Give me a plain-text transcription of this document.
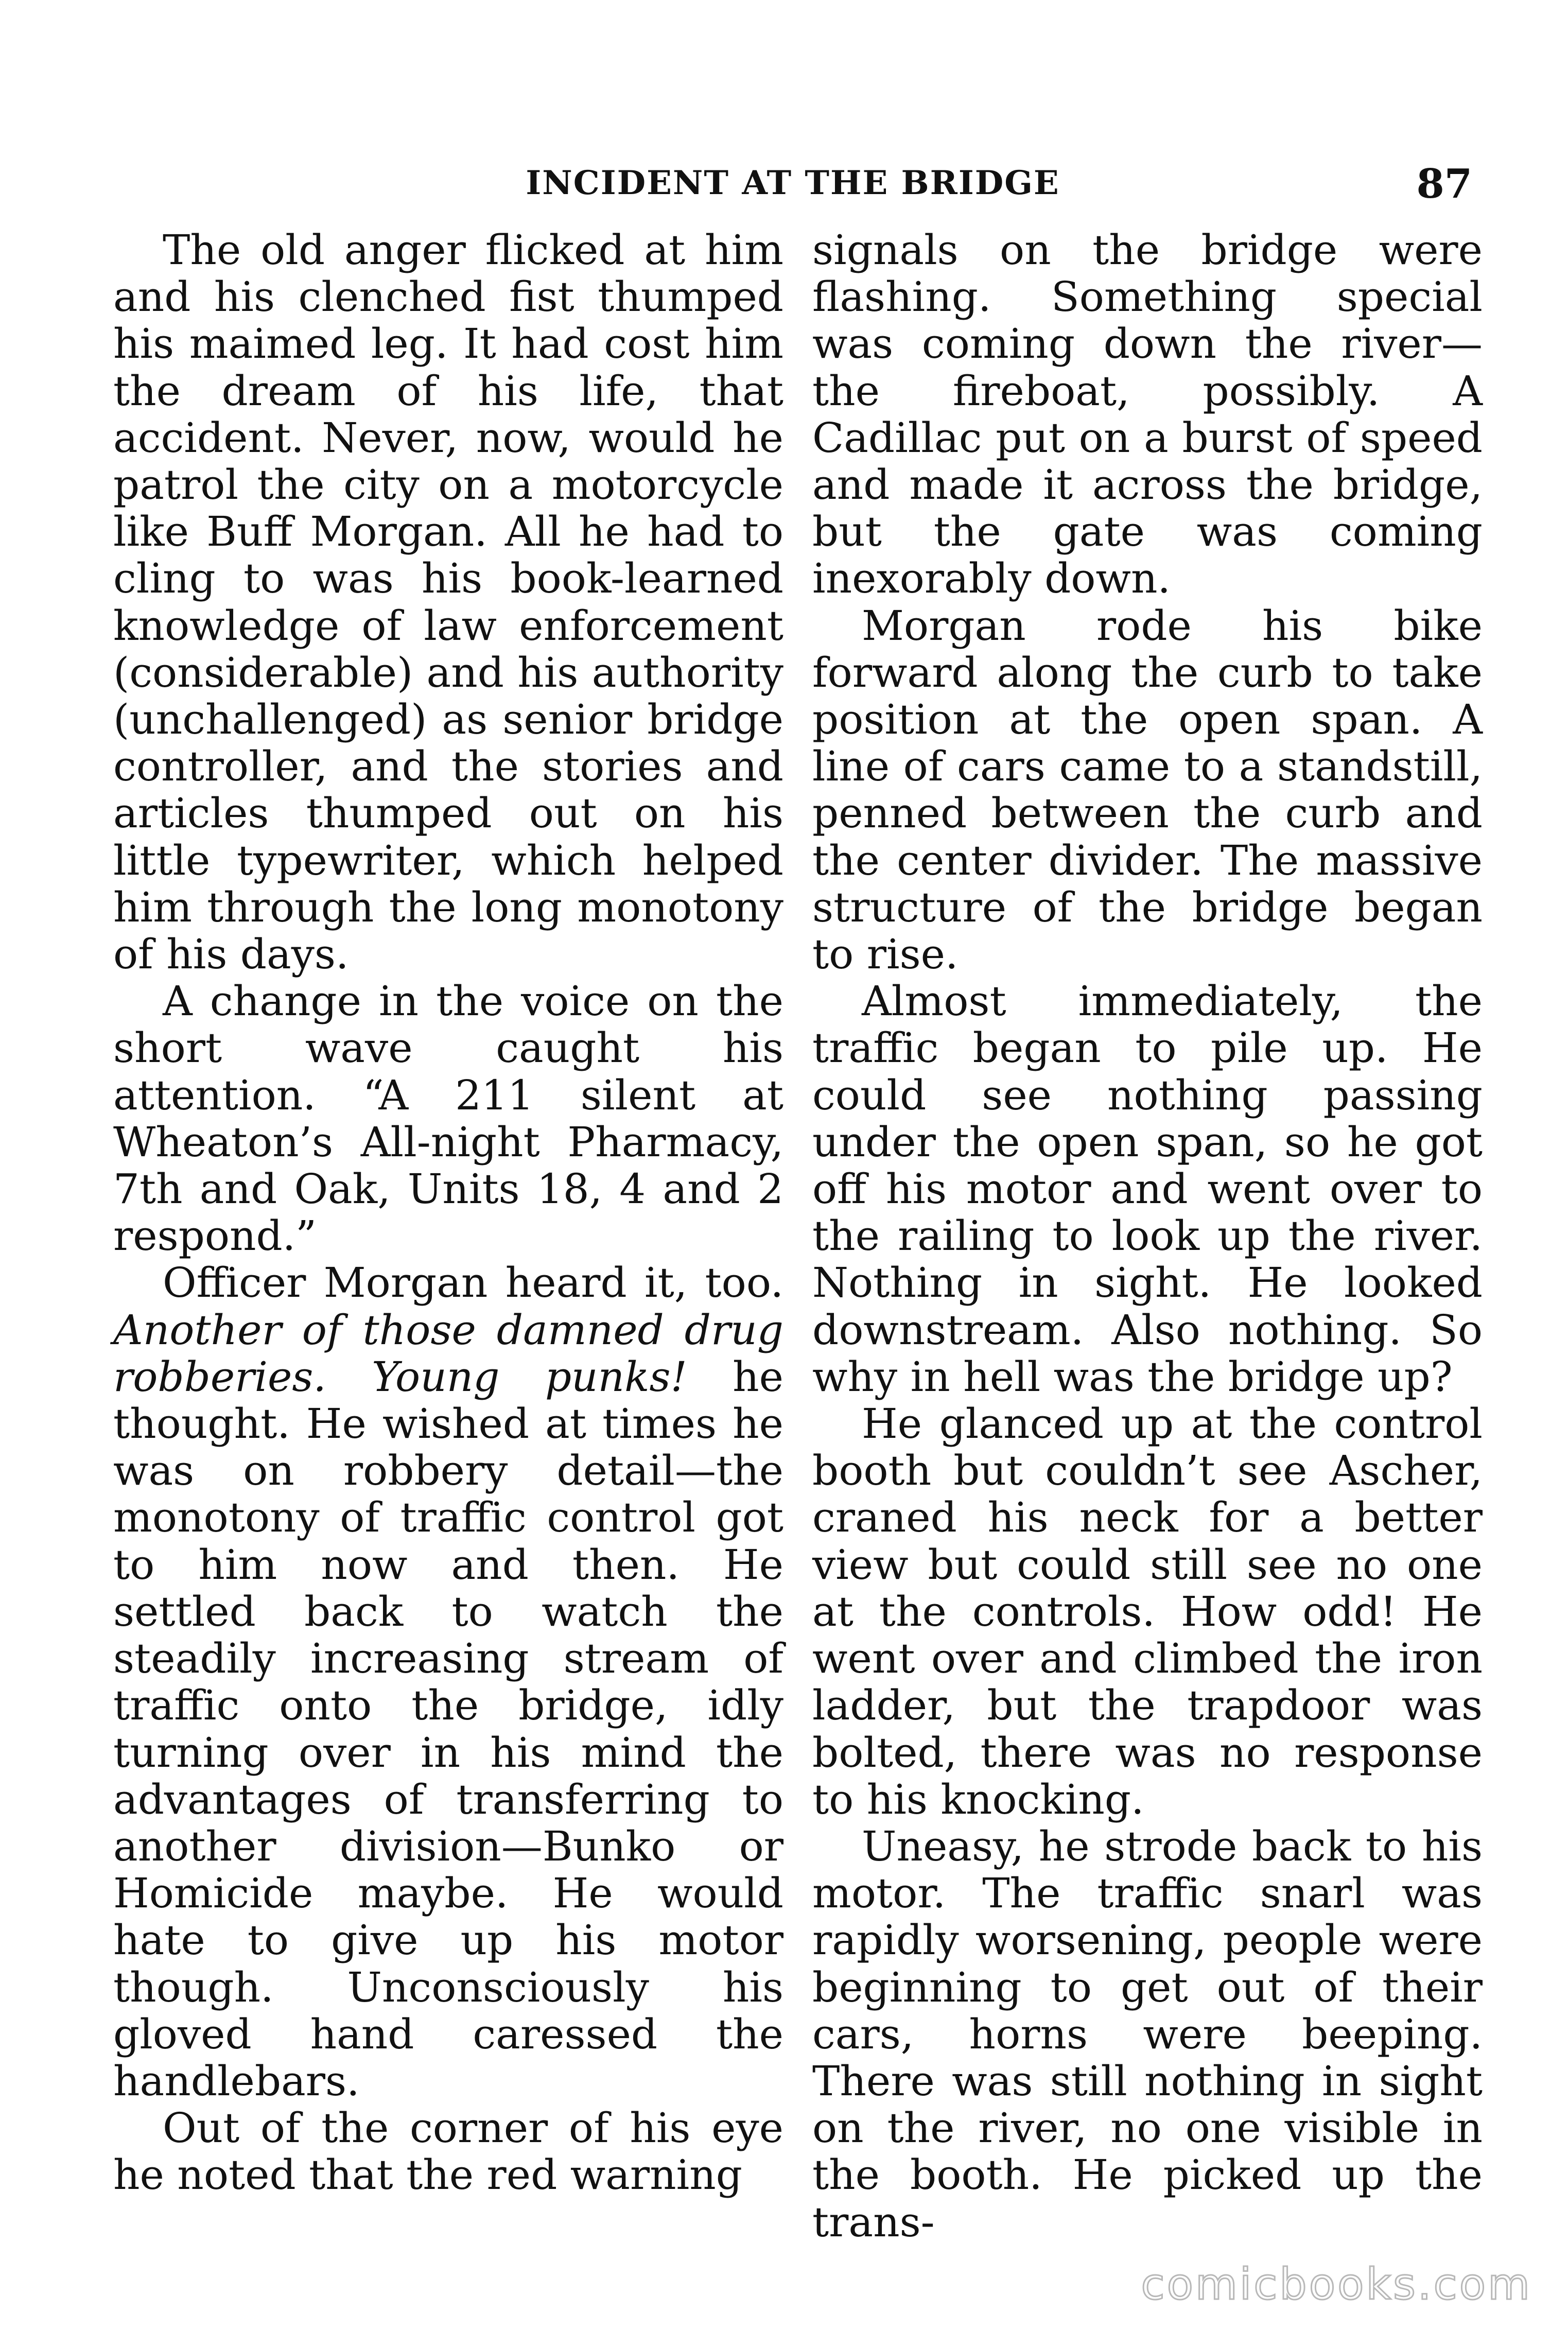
INCIDENT AT THE BRIDGE	87

The old anger flicked at him and his clenched fist thumped his maimed leg. It had cost him the dream of his life, that accident. Never, now, would he patrol the city on a motorcycle like Buff Morgan. All he had to cling to was his book-learned knowledge of law enforcement (considerable) and his authority (unchallenged) as senior bridge controller, and the stories and articles thumped out on his little typewriter, which helped him through the long monotony of his days.

A change in the voice on the short wave caught his attention. “A 211 silent at Wheaton’s All-night Pharmacy, 7th and Oak, Units 18, 4 and 2 respond.”

Officer Morgan heard it, too. Another of those damned drug robberies. Young punks! he thought. He wished at times he was on robbery detail—the monotony of traffic control got to him now and then. He settled back to watch the steadily increasing stream of traffic onto the bridge, idly turning over in his mind the advantages of transferring to another division—Bunko or Homicide maybe. He would hate to give up his motor though. Unconsciously his gloved hand caressed the handlebars.

Out of the corner of his eye he noted that the red warning

signals on the bridge were flashing. Something special was coming down the river—the fireboat, possibly. A Cadillac put on a burst of speed and made it across the bridge, but the gate was coming inexorably down.

Morgan rode his bike forward along the curb to take position at the open span. A line of cars came to a standstill, penned between the curb and the center divider. The massive structure of the bridge began to rise.

Almost immediately, the traffic began to pile up. He could see nothing passing under the open span, so he got off his motor and went over to the railing to look up the river. Nothing in sight. He looked downstream. Also nothing. So why in hell was the bridge up?

He glanced up at the control booth but couldn’t see Ascher, craned his neck for a better view but could still see no one at the controls. How odd! He went over and climbed the iron ladder, but the trapdoor was bolted, there was no response to his knocking.

Uneasy, he strode back to his motor. The traffic snarl was rapidly worsening, people were beginning to get out of their cars, horns were beeping. There was still nothing in sight on the river, no one visible in the booth. He picked up the trans-

comicbooks.com
